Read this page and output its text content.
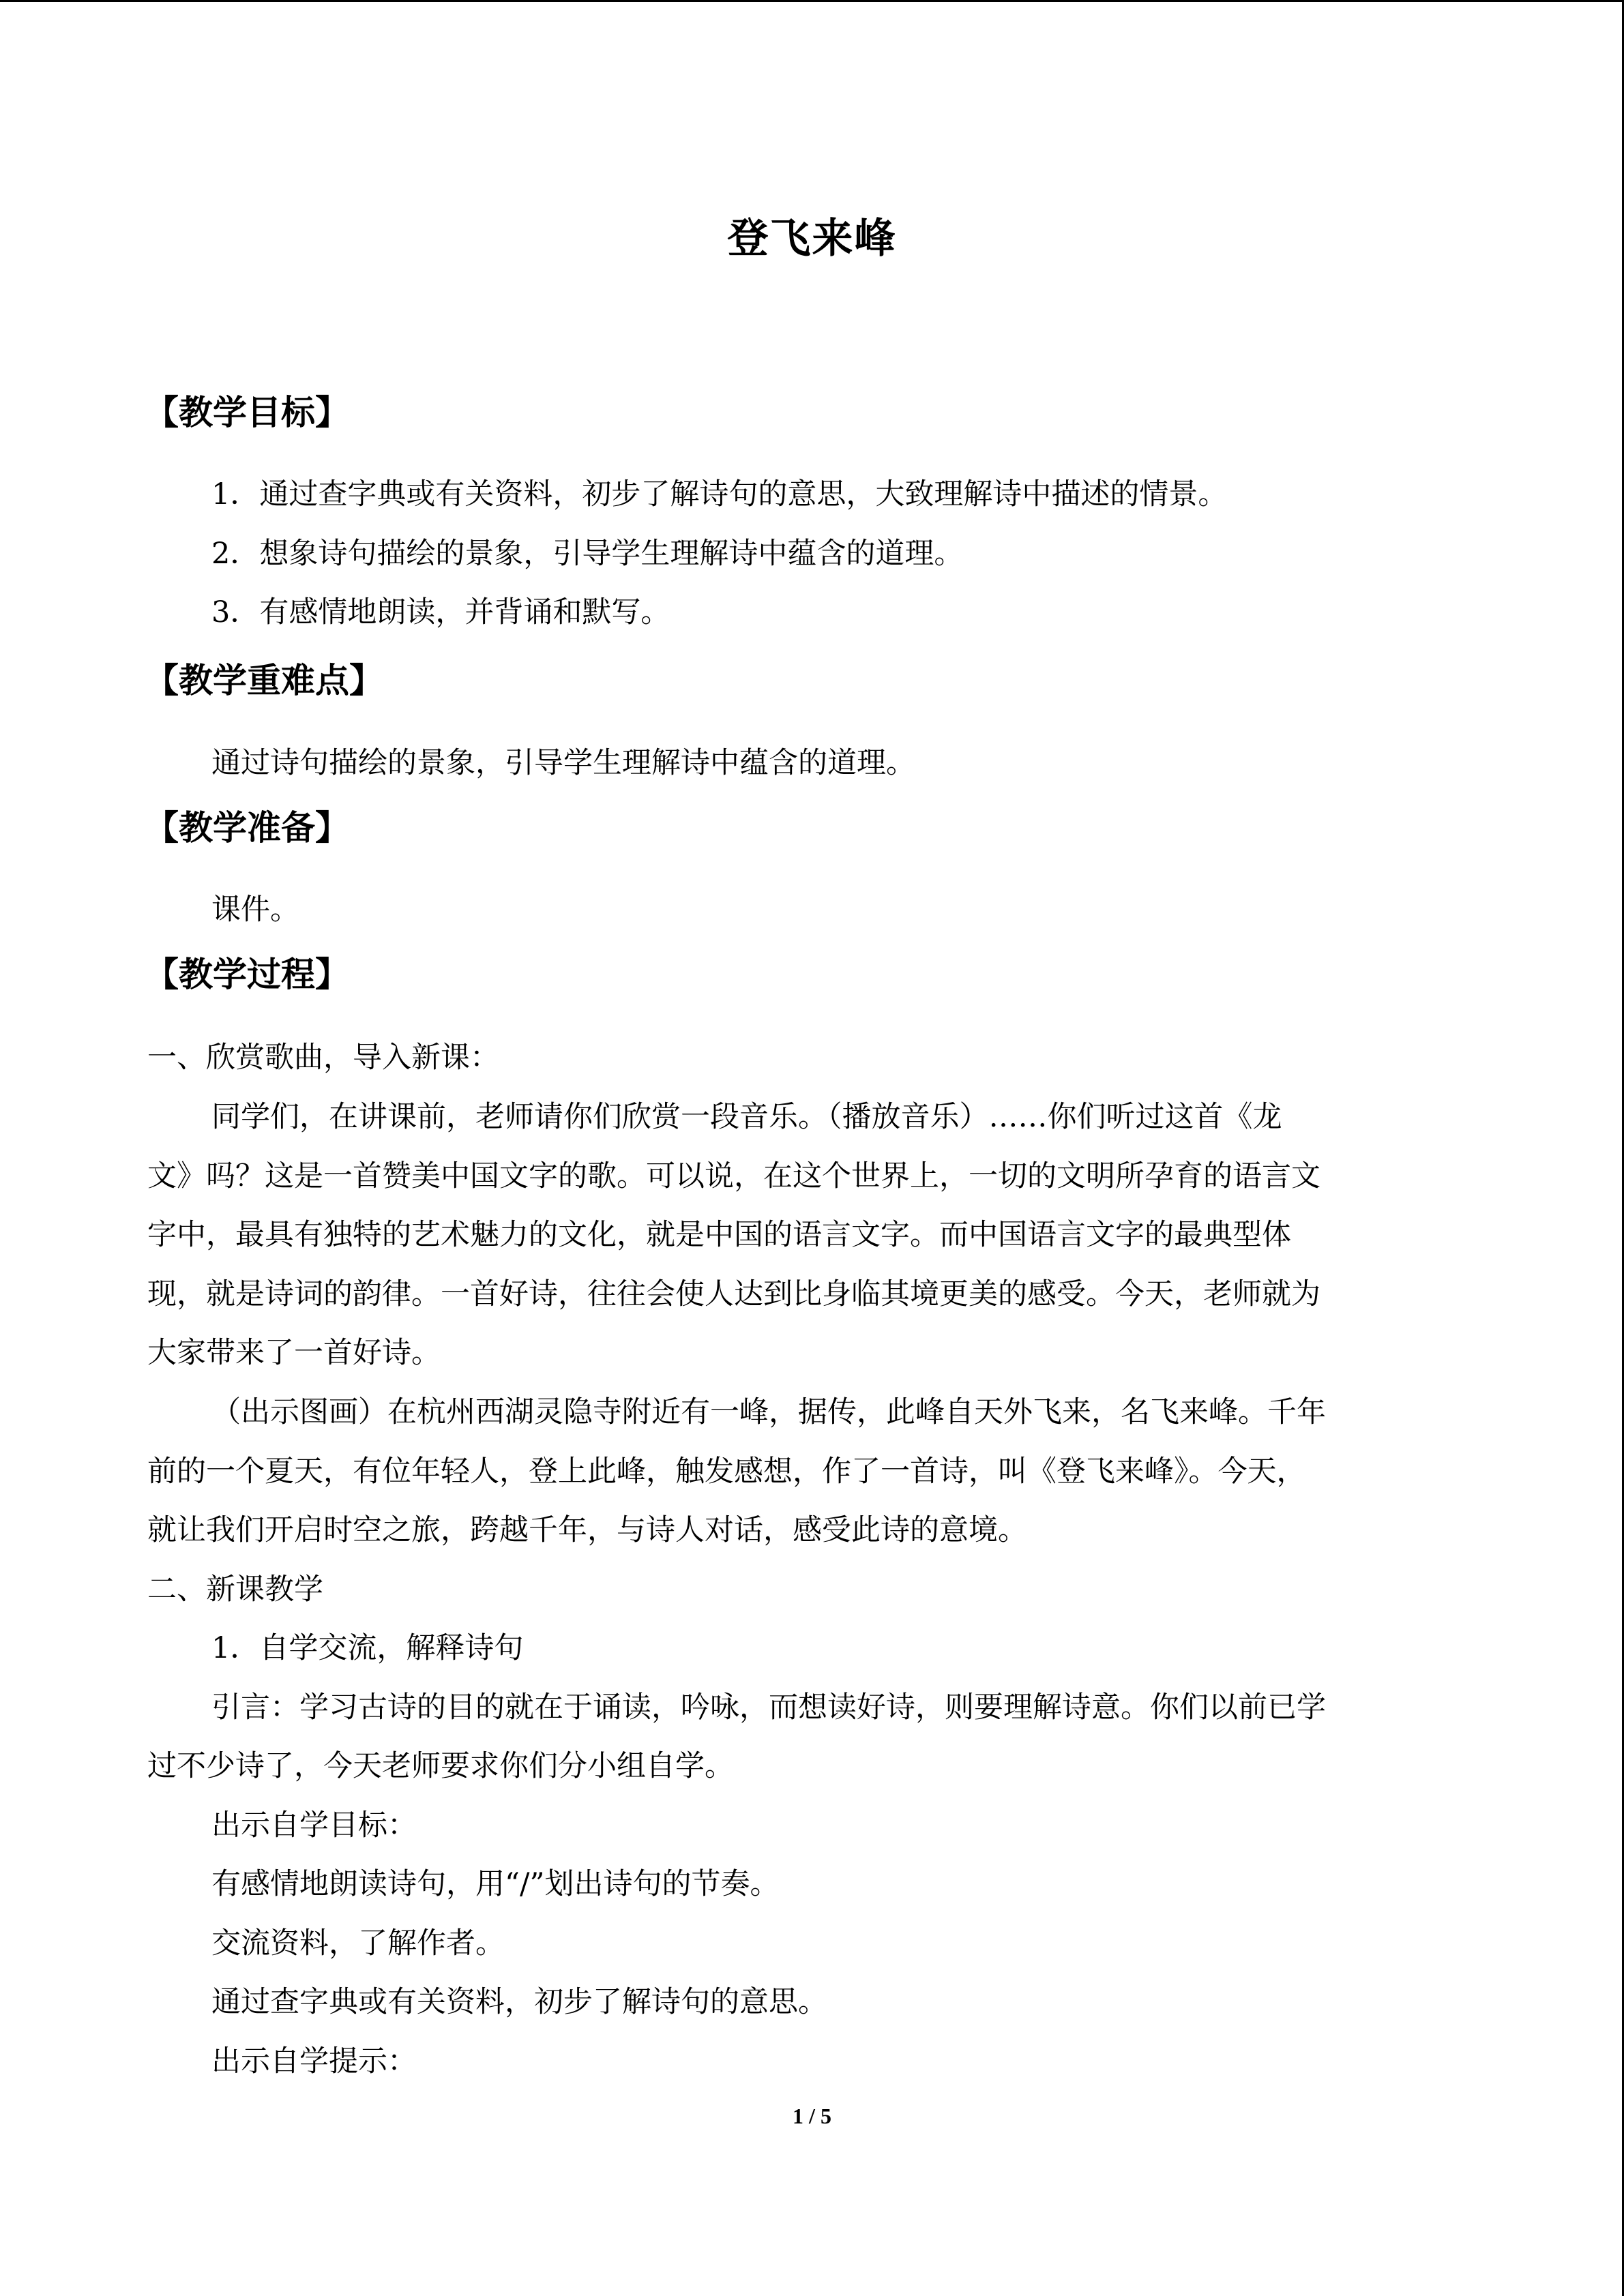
登飞来峰
【教学目标】
1．通过查字典或有关资料，初步了解诗句的意思，大致理解诗中描述的情景。
2．想象诗句描绘的景象，引导学生理解诗中蕴含的道理。
3．有感情地朗读，并背诵和默写。
【教学重难点】
通过诗句描绘的景象，引导学生理解诗中蕴含的道理。
【教学准备】
课件。
【教学过程】
一、欣赏歌曲，导入新课：
同学们，在讲课前，老师请你们欣赏一段音乐。（播放音乐）……你们听过这首《龙
文》吗？这是一首赞美中国文字的歌。可以说，在这个世界上，一切的文明所孕育的语言文
字中，最具有独特的艺术魅力的文化，就是中国的语言文字。而中国语言文字的最典型体
现，就是诗词的韵律。一首好诗，往往会使人达到比身临其境更美的感受。今天，老师就为
大家带来了一首好诗。
（出示图画）在杭州西湖灵隐寺附近有一峰，据传，此峰自天外飞来，名飞来峰。千年
前的一个夏天，有位年轻人，登上此峰，触发感想，作了一首诗，叫《登飞来峰》。今天，
就让我们开启时空之旅，跨越千年，与诗人对话，感受此诗的意境。
二、新课教学
1．自学交流，解释诗句
引言：学习古诗的目的就在于诵读，吟咏，而想读好诗，则要理解诗意。你们以前已学
过不少诗了，今天老师要求你们分小组自学。
出示自学目标：
有感情地朗读诗句，用“/”划出诗句的节奏。
交流资料，了解作者。
通过查字典或有关资料，初步了解诗句的意思。
出示自学提示：
1 / 5
